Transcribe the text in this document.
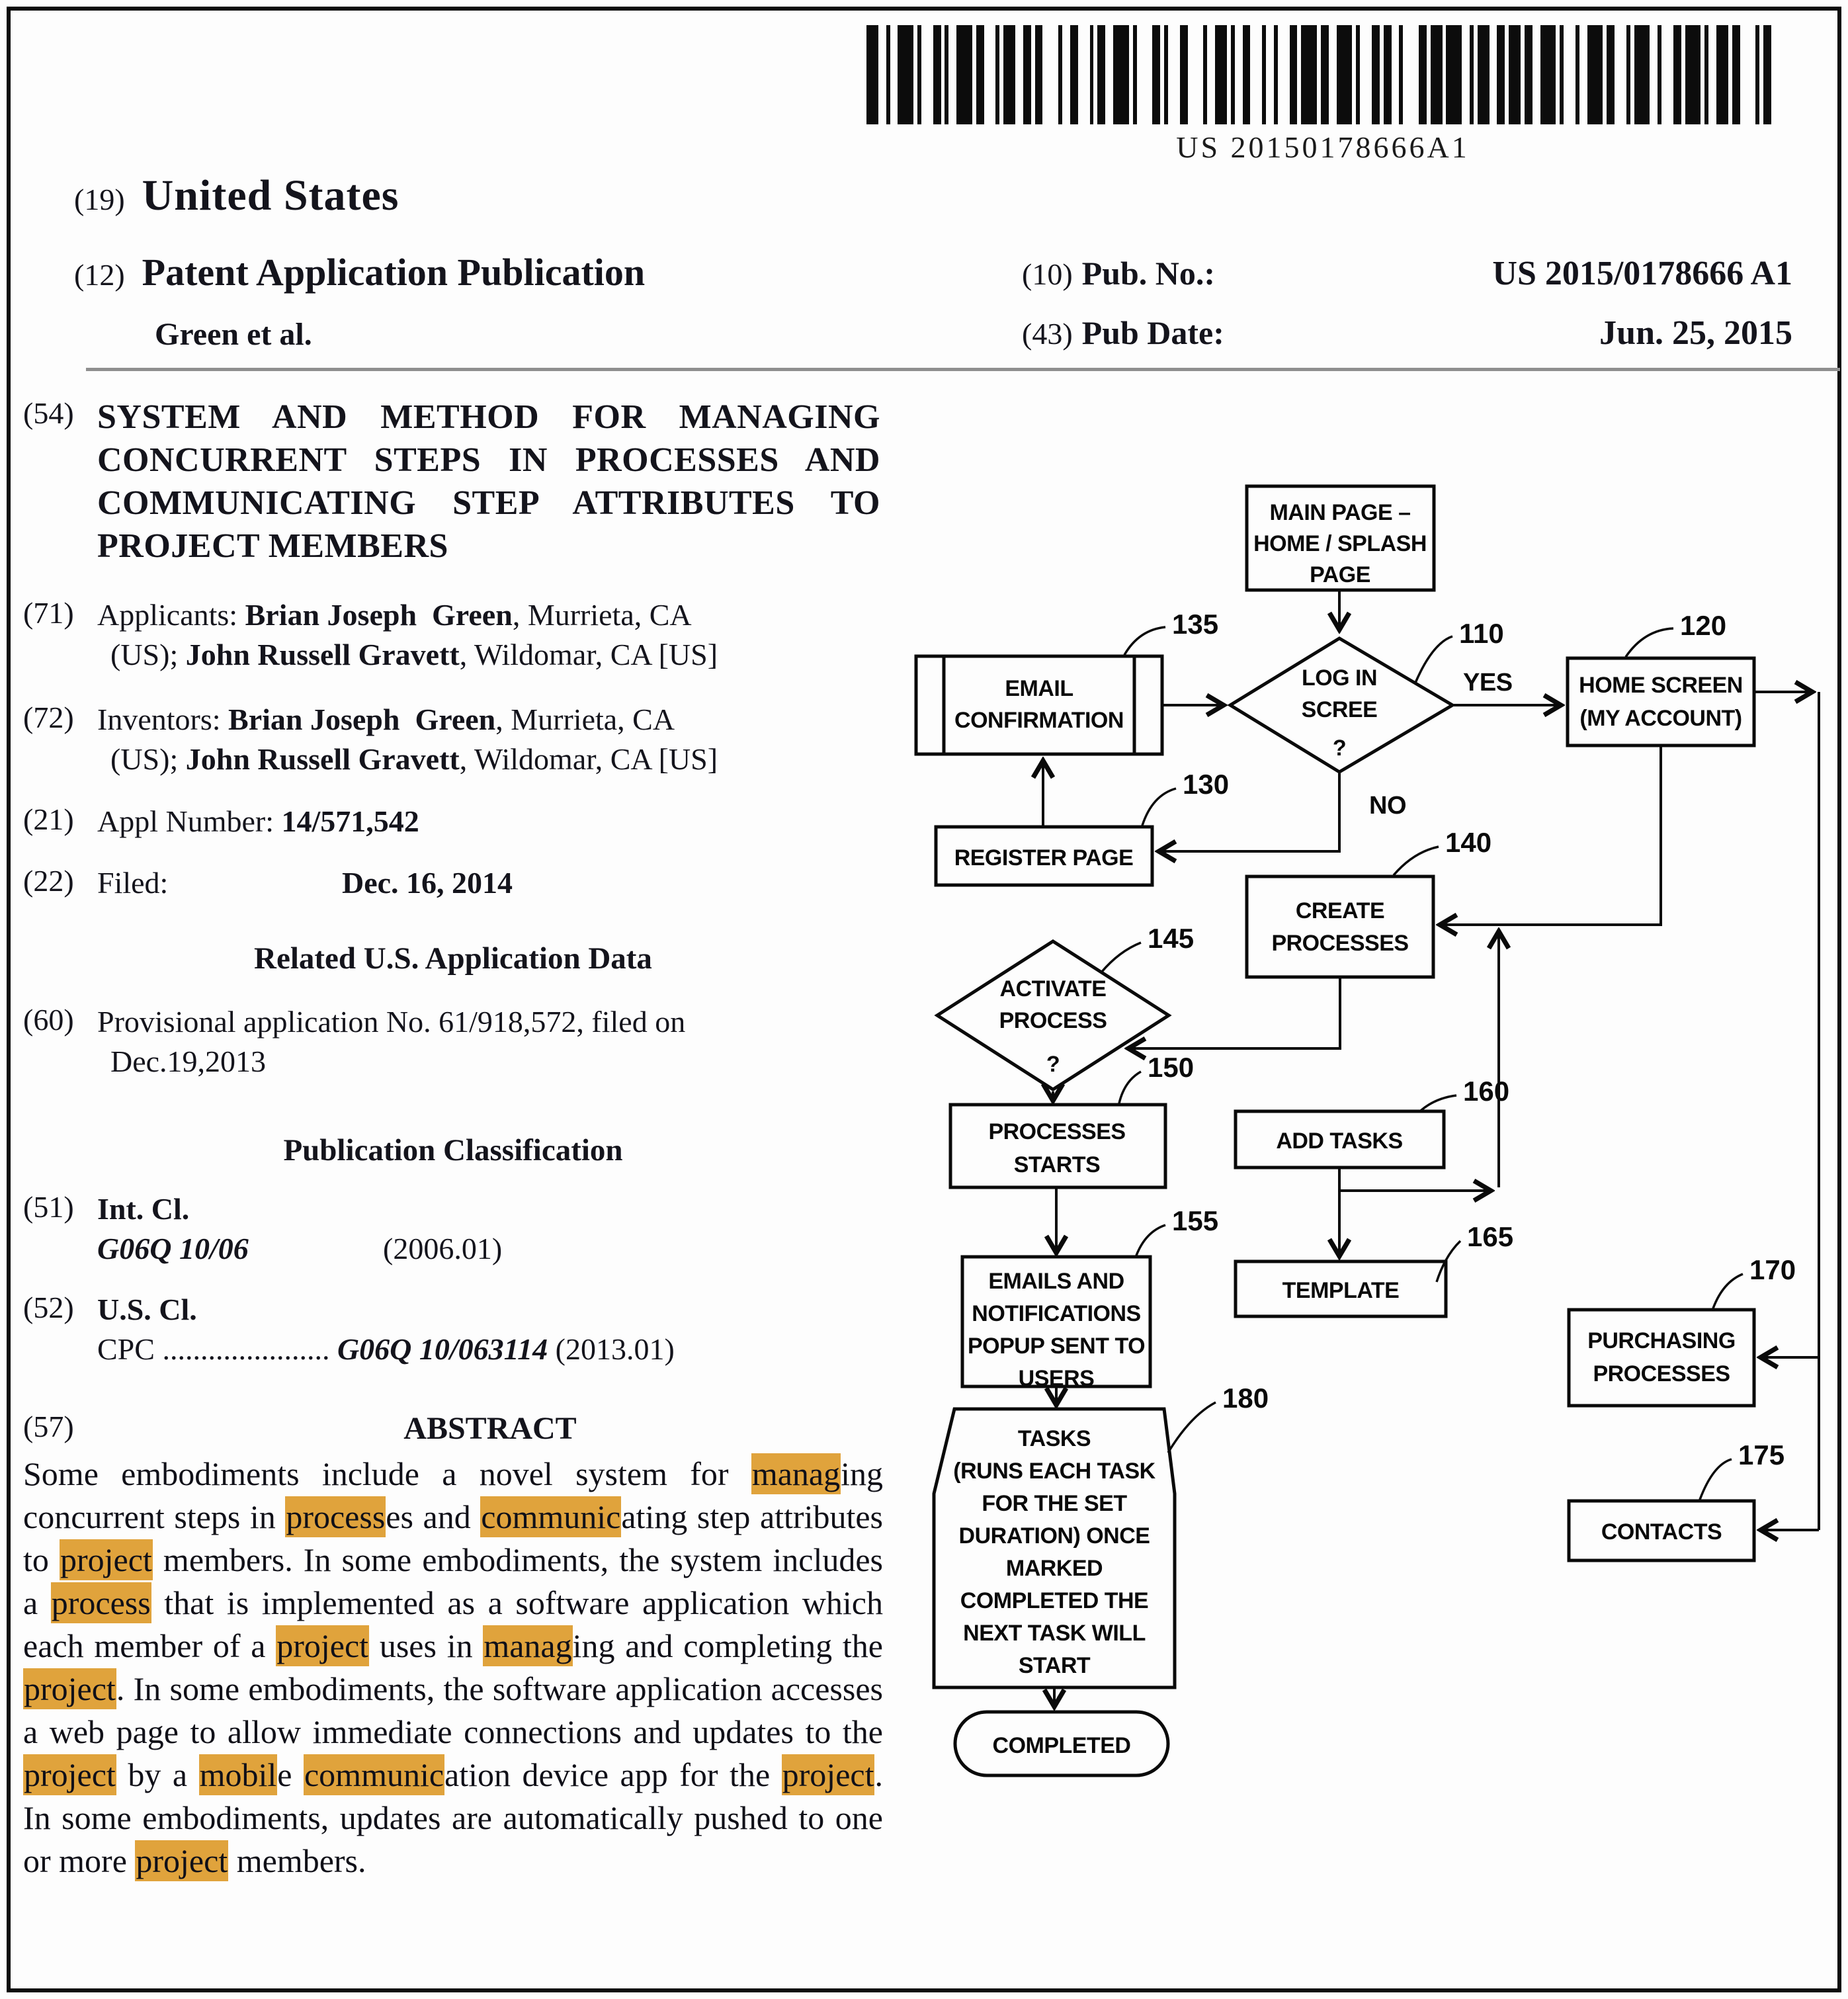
US 20150178666A1
(19) United States
(12) Patent Application Publication
Green et al.
(10) Pub. No.:	US 2015/0178666 A1
(43) Pub Date:	Jun. 25, 2015
(54) SYSTEM AND METHOD FOR MANAGING
CONCURRENT STEPS IN PROCESSES AND
COMMUNICATING STEP ATTRIBUTES TO
PROJECT MEMBERS
(71) Applicants: Brian Joseph  Green, Murrieta, CA
(US); John Russell Gravett, Wildomar, CA [US]
(72) Inventors: Brian Joseph  Green, Murrieta, CA
(US); John Russell Gravett, Wildomar, CA [US]
(21) Appl Number: 14/571,542
(22) Filed:	Dec. 16, 2014
Related U.S. Application Data
(60) Provisional application No. 61/918,572, filed on
Dec.19,2013
Publication Classification
(51) Int. Cl.
G06Q 10/06	(2006.01)
(52) U.S. Cl.
CPC ...................... G06Q 10/063114 (2013.01)
(57)	ABSTRACT
Some embodiments include a novel system for managing concurrent steps in processes and communicating step attributes to project members. In some embodiments, the system includes a process that is implemented as a software application which each member of a project uses in managing and completing the project. In some embodiments, the software application accesses a web page to allow immediate connections and updates to the project by a mobile communication device app for the project. In some embodiments, updates are automatically pushed to one or more project members.
MAIN PAGE –
HOME / SPLASH
PAGE
LOG IN
SCREE
?
YES
NO
EMAIL
CONFIRMATION
HOME SCREEN
(MY ACCOUNT)
REGISTER PAGE
CREATE
PROCESSES
ACTIVATE
PROCESS
?
PROCESSES
STARTS
ADD TASKS
TEMPLATE
EMAILS AND
NOTIFICATIONS
POPUP SENT TO
USERS
TASKS
(RUNS EACH TASK
FOR THE SET
DURATION) ONCE
MARKED
COMPLETED THE
NEXT TASK WILL
START
COMPLETED
PURCHASING
PROCESSES
CONTACTS
110	120
135
130
140
145
150
160
155
165
170
175
180
